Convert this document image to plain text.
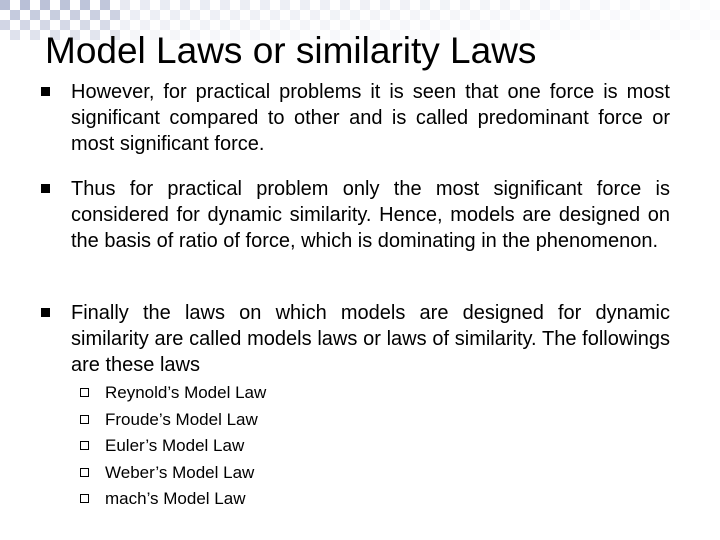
Model Laws or similarity Laws
However, for practical problems it is seen that one force is most significant compared to other and is called predominant force or most significant force.
Thus for practical problem only the most significant force is considered for dynamic similarity. Hence, models are designed on the basis of ratio of force, which is dominating in the phenomenon.
Finally the laws on which models are designed for dynamic similarity are called models laws or laws of similarity. The followings are these laws
Reynold’s Model Law
Froude’s Model Law
Euler’s Model Law
Weber’s Model Law
mach’s Model Law
